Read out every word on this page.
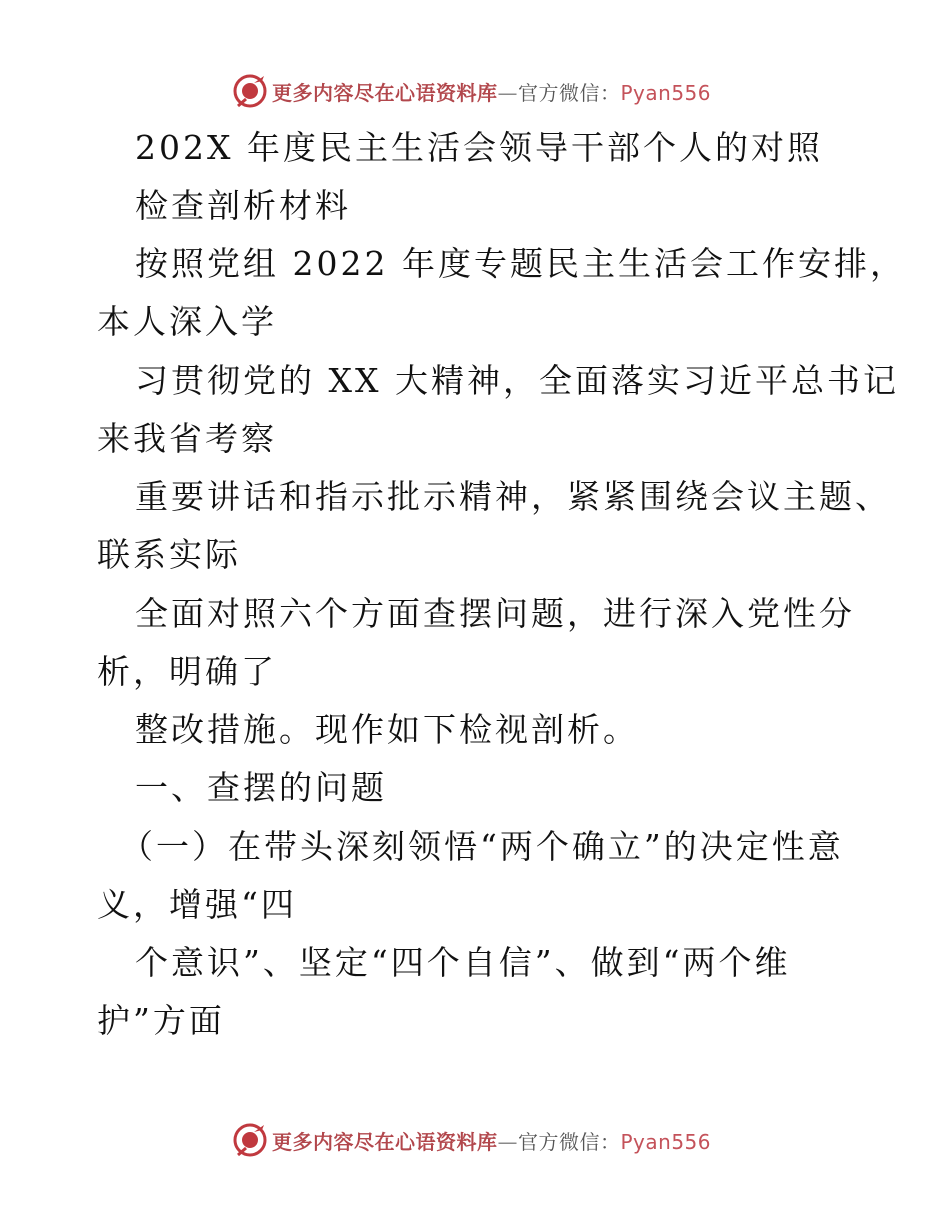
更多内容尽在心语资料库—官方微信：Pyan556
202X 年度民主生活会领导干部个人的对照
检查剖析材料
按照党组 2022 年度专题民主生活会工作安排，
本人深入学
习贯彻党的 XX 大精神，全面落实习近平总书记
来我省考察
重要讲话和指示批示精神，紧紧围绕会议主题、
联系实际
全面对照六个方面查摆问题，进行深入党性分
析，明确了
整改措施。现作如下检视剖析。
一、查摆的问题
（一）在带头深刻领悟“两个确立”的决定性意
义，增强“四
个意识”、坚定“四个自信”、做到“两个维
护”方面
更多内容尽在心语资料库—官方微信：Pyan556
